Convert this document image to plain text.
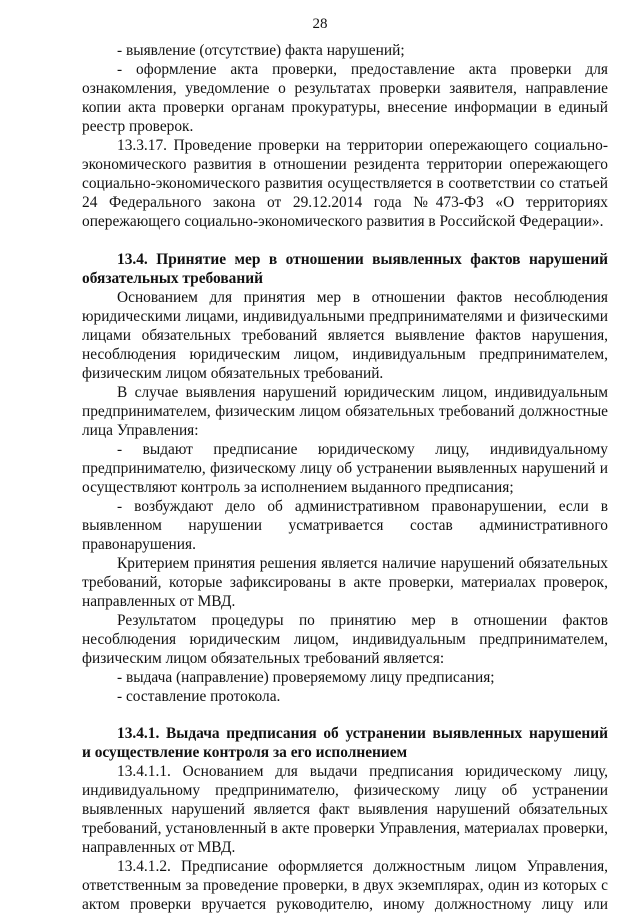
28
- выявление (отсутствие) факта нарушений;
- оформление акта проверки, предоставление акта проверки для
ознакомления, уведомление о результатах проверки заявителя, направление
копии акта проверки органам прокуратуры, внесение информации в единый
реестр проверок.
13.3.17. Проведение проверки на территории опережающего социально-
экономического развития в отношении резидента территории опережающего
социально-экономического развития осуществляется в соответствии со статьей
24 Федерального закона от 29.12.2014 года №473-ФЗ «О территориях
опережающего социально-экономического развития в Российской Федерации».
13.4. Принятие мер в отношении выявленных фактов нарушений
обязательных требований
Основанием для принятия мер в отношении фактов несоблюдения
юридическими лицами, индивидуальными предпринимателями и физическими
лицами обязательных требований является выявление фактов нарушения,
несоблюдения юридическим лицом, индивидуальным предпринимателем,
физическим лицом обязательных требований.
В случае выявления нарушений юридическим лицом, индивидуальным
предпринимателем, физическим лицом обязательных требований должностные
лица Управления:
- выдают предписание юридическому лицу, индивидуальному
предпринимателю, физическому лицу об устранении выявленных нарушений и
осуществляют контроль за исполнением выданного предписания;
- возбуждают дело об административном правонарушении, если в
выявленном нарушении усматривается состав административного
правонарушения.
Критерием принятия решения является наличие нарушений обязательных
требований, которые зафиксированы в акте проверки, материалах проверок,
направленных от МВД.
Результатом процедуры по принятию мер в отношении фактов
несоблюдения юридическим лицом, индивидуальным предпринимателем,
физическим лицом обязательных требований является:
- выдача (направление) проверяемому лицу предписания;
- составление протокола.
13.4.1. Выдача предписания об устранении выявленных нарушений
и осуществление контроля за его исполнением
13.4.1.1. Основанием для выдачи предписания юридическому лицу,
индивидуальному предпринимателю, физическому лицу об устранении
выявленных нарушений является факт выявления нарушений обязательных
требований, установленный в акте проверки Управления, материалах проверки,
направленных от МВД.
13.4.1.2. Предписание оформляется должностным лицом Управления,
ответственным за проведение проверки, в двух экземплярах, один из которых с
актом проверки вручается руководителю, иному должностному лицу или
